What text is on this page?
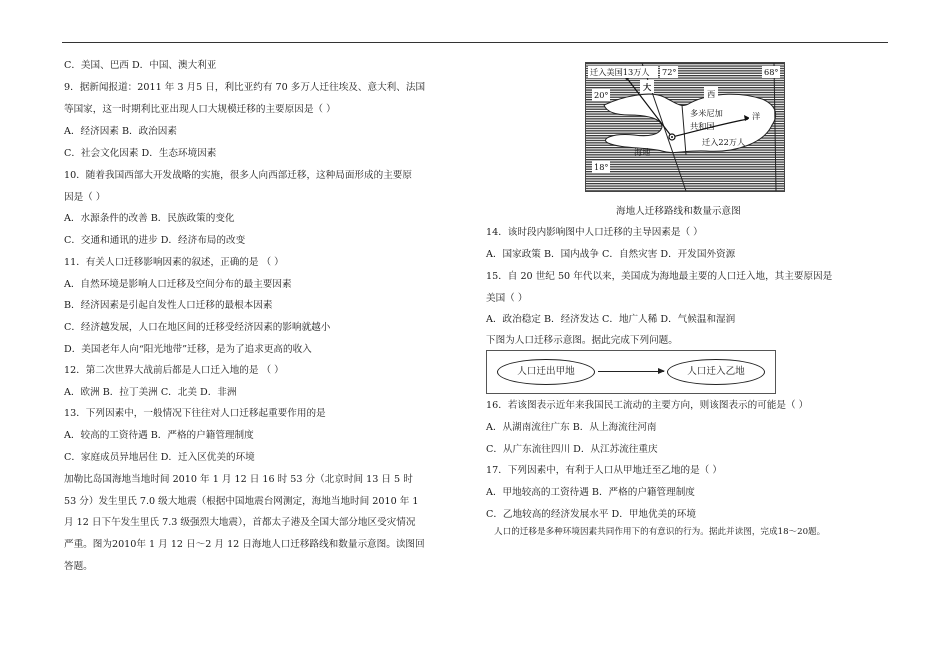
C．美国、巴西 D．中国、澳大利亚
9．据新闻报道：2011 年 3 月5 日，利比亚约有 70 多万人迁往埃及、意大利、法国
等国家，这一时期利比亚出现人口大规模迁移的主要原因是（ ）
A．经济因素 B．政治因素
C．社会文化因素 D．生态环境因素
10．随着我国西部大开发战略的实施，很多人向西部迁移，这种局面形成的主要原
因是（ ）
A．水源条件的改善 B．民族政策的变化
C．交通和通讯的进步 D．经济布局的改变
11．有关人口迁移影响因素的叙述，正确的是 （ ）
A．自然环境是影响人口迁移及空间分布的最主要因素
B．经济因素是引起自发性人口迁移的最根本因素
C．经济越发展，人口在地区间的迁移受经济因素的影响就越小
D．美国老年人向“阳光地带”迁移，是为了追求更高的收入
12．第二次世界大战前后都是人口迁入地的是 （ ）
A．欧洲 B．拉丁美洲 C．北美 D．非洲
13．下列因素中，一般情况下往往对人口迁移起重要作用的是
A．较高的工资待遇 B．严格的户籍管理制度
C．家庭成员异地居住 D．迁入区优美的环境
加勒比岛国海地当地时间 2010 年 1 月 12 日 16 时 53 分（北京时间 13 日 5 时
53 分）发生里氏 7.0 级大地震（根据中国地震台网测定，海地当地时间 2010 年 1
月 12 日下午发生里氏 7.3 级强烈大地震），首都太子港及全国大部分地区受灾情况
严重。图为2010年 1 月 12 日～2 月 12 日海地人口迁移路线和数量示意图。读图回
答题。
迁入美国13万人 72°	68°
20°
18°
大
西
洋
多米尼加
共和国
海地
迁入22万人
海地人迁移路线和数量示意图
14．该时段内影响图中人口迁移的主导因素是（ ）
A．国家政策 B．国内战争 C．自然灾害 D．开发国外资源
15．自 20 世纪 50 年代以来，美国成为海地最主要的人口迁入地，其主要原因是
美国（ ）
A．政治稳定 B．经济发达 C．地广人稀 D．气候温和湿润
下图为人口迁移示意图。据此完成下列问题。
16．若该图表示近年来我国民工流动的主要方向，则该图表示的可能是（ ）
A．从湖南流往广东 B．从上海流往河南
C．从广东流往四川 D．从江苏流往重庆
17．下列因素中，有利于人口从甲地迁至乙地的是（ ）
A．甲地较高的工资待遇 B．严格的户籍管理制度
C．乙地较高的经济发展水平 D．甲地优美的环境
人口的迁移是多种环境因素共同作用下的有意识的行为。据此并读图，完成18～20题。
人口迁出甲地	人口迁入乙地
